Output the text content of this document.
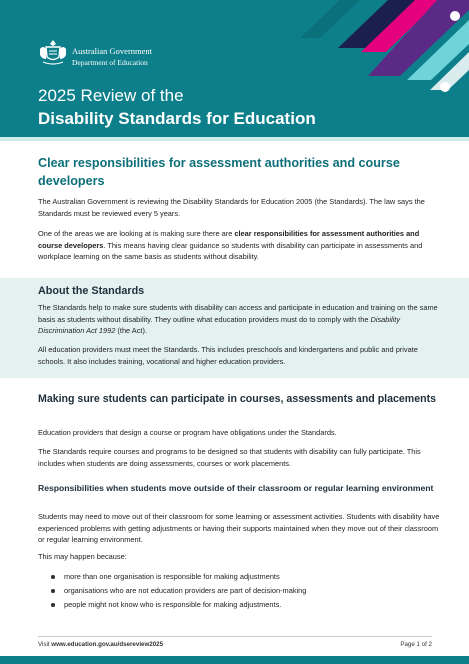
Australian Government
Department of Education
2025 Review of the
Disability Standards for Education
Clear responsibilities for assessment authorities and course developers

The Australian Government is reviewing the Disability Standards for Education 2005 (the Standards). The law says the Standards must be reviewed every 5 years.

One of the areas we are looking at is making sure there are clear responsibilities for assessment authorities and course developers. This means having clear guidance so students with disability can participate in assessments and workplace learning on the same basis as students without disability.

About the Standards

The Standards help to make sure students with disability can access and participate in education and training on the same basis as students without disability. They outline what education providers must do to comply with the Disability Discrimination Act 1992 (the Act).

All education providers must meet the Standards. This includes preschools and kindergartens and public and private schools. It also includes training, vocational and higher education providers.

Making sure students can participate in courses, assessments and placements

Education providers that design a course or program have obligations under the Standards.

The Standards require courses and programs to be designed so that students with disability can fully participate. This includes when students are doing assessments, courses or work placements.

Responsibilities when students move outside of their classroom or regular learning environment

Students may need to move out of their classroom for some learning or assessment activities. Students with disability have experienced problems with getting adjustments or having their supports maintained when they move out of their classroom or regular learning environment.

This may happen because:

more than one organisation is responsible for making adjustments
organisations who are not education providers are part of decision-making
people might not know who is responsible for making adjustments.
Visit www.education.gov.au/dsereview2025	Page 1 of 2
